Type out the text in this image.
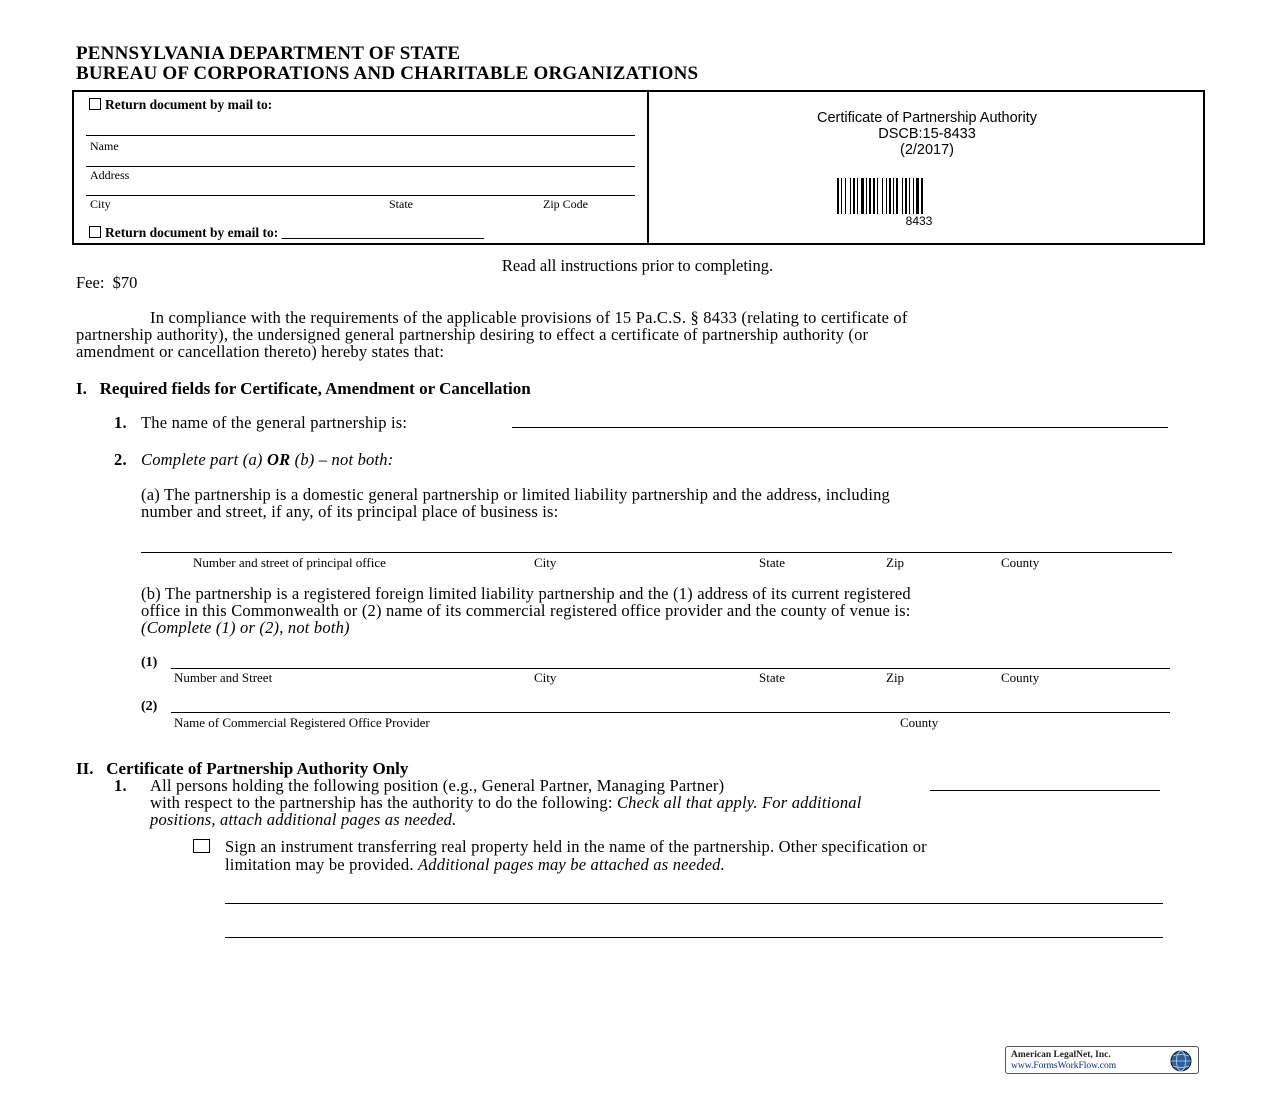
PENNSYLVANIA DEPARTMENT OF STATE
BUREAU OF CORPORATIONS AND CHARITABLE ORGANIZATIONS
Return document by mail to:
Name
Address
City	State	Zip Code
Return document by email to: ______________________________
Certificate of Partnership Authority
DSCB:15-8433
(2/2017)
8433
Read all instructions prior to completing.
Fee:  $70
In compliance with the requirements of the applicable provisions of 15 Pa.C.S. § 8433 (relating to certificate of
partnership authority), the undersigned general partnership desiring to effect a certificate of partnership authority (or
amendment or cancellation thereto) hereby states that:
I.   Required fields for Certificate, Amendment or Cancellation
1. The name of the general partnership is:
2. Complete part (a) OR (b) – not both:
(a) The partnership is a domestic general partnership or limited liability partnership and the address, including
number and street, if any, of its principal place of business is:
Number and street of principal office	City	State	Zip	County
(b) The partnership is a registered foreign limited liability partnership and the (1) address of its current registered
office in this Commonwealth or (2) name of its commercial registered office provider and the county of venue is:
(Complete (1) or (2), not both)
(1)
Number and Street	City	State	Zip	County
(2)
Name of Commercial Registered Office Provider	County
II.   Certificate of Partnership Authority Only
1. All persons holding the following position (e.g., General Partner, Managing Partner)
with respect to the partnership has the authority to do the following: Check all that apply. For additional
positions, attach additional pages as needed.
Sign an instrument transferring real property held in the name of the partnership. Other specification or
limitation may be provided. Additional pages may be attached as needed.
American LegalNet, Inc.
www.FormsWorkFlow.com
